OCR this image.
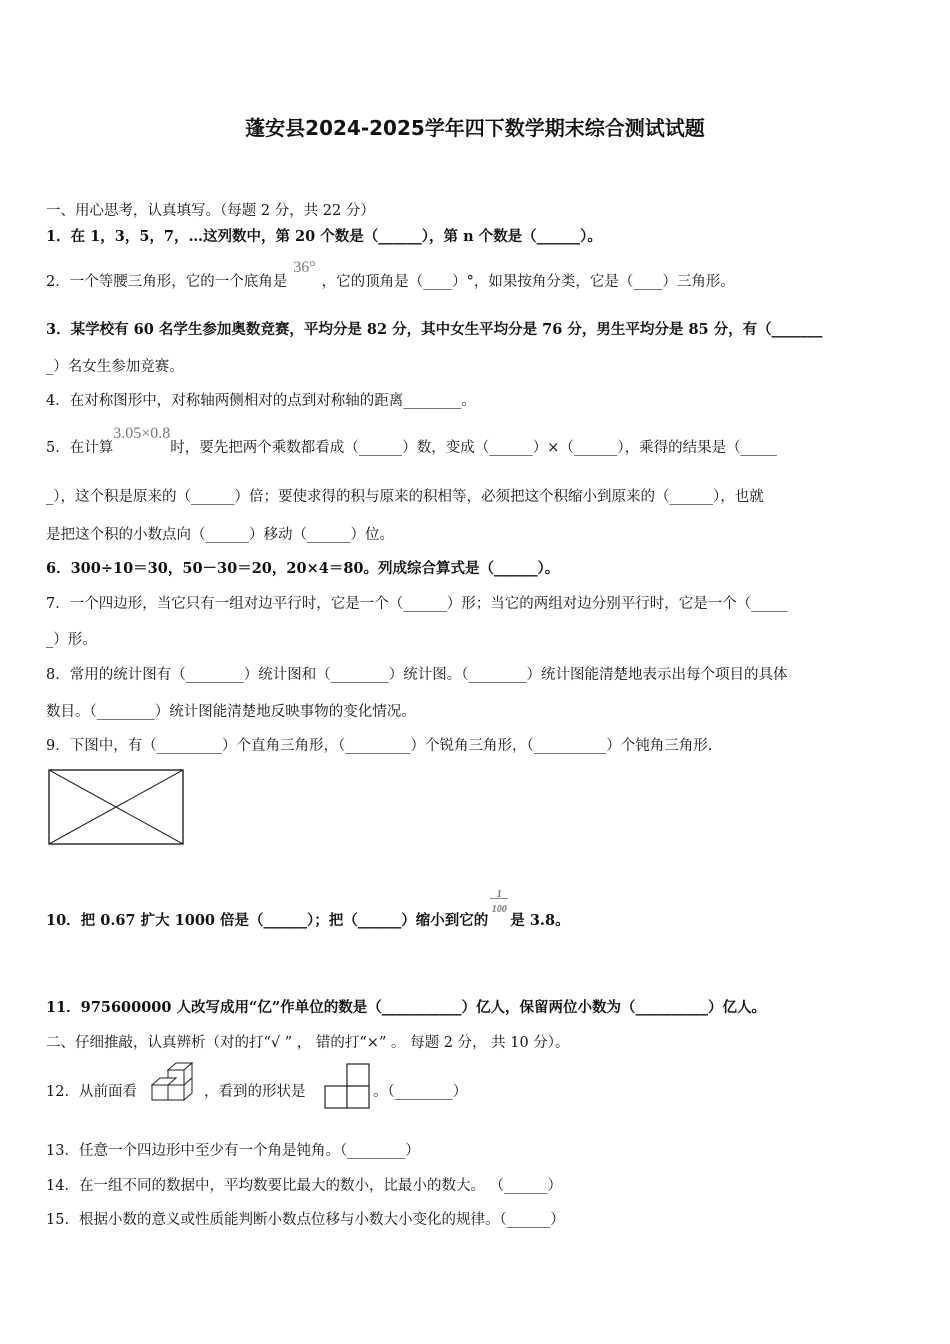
蓬安县2024-2025学年四下数学期末综合测试试题
一、用心思考，认真填写。（每题 2 分，共 22 分）
1．在 1，3，5，7，…这列数中，第 20 个数是（______），第 n 个数是（______）。
2．一个等腰三角形，它的一个底角是36°，它的顶角是（____）°，如果按角分类，它是（____）三角形。
3．某学校有 60 名学生参加奥数竞赛，平均分是 82 分，其中女生平均分是 76 分，男生平均分是 85 分，有（_______
_）名女生参加竞赛。
4．在对称图形中，对称轴两侧相对的点到对称轴的距离________。
5．在计算3.05×0.8时，要先把两个乘数都看成（______）数，变成（______）×（______），乘得的结果是（_____
_），这个积是原来的（______）倍；要使求得的积与原来的积相等，必须把这个积缩小到原来的（______），也就
是把这个积的小数点向（______）移动（______）位。
6．300÷10＝30，50－30＝20，20×4＝80。列成综合算式是（______）。
7．一个四边形，当它只有一组对边平行时，它是一个（______）形；当它的两组对边分别平行时，它是一个（_____
_）形。
8．常用的统计图有（________）统计图和（________）统计图。（________）统计图能清楚地表示出每个项目的具体
数目。（________）统计图能清楚地反映事物的变化情况。
9．下图中，有（_________）个直角三角形，（_________）个锐角三角形，（__________）个钝角三角形.
10．把 0.67 扩大 1000 倍是（______）；把（______）缩小到它的 $\frac{1}{100}$ 是 3.8。
11．975600000 人改写成用“亿”作单位的数是（___________）亿人，保留两位小数为（__________）亿人。
二、仔细推敲，认真辨析（对的打“√ ” ， 错的打“×” 。 每题 2 分， 共 10 分）。
12．从前面看	，看到的形状是	。（________）
13．任意一个四边形中至少有一个角是钝角。（________）
14．在一组不同的数据中，平均数要比最大的数小，比最小的数大。 （______）
15．根据小数的意义或性质能判断小数点位移与小数大小变化的规律。（______）
